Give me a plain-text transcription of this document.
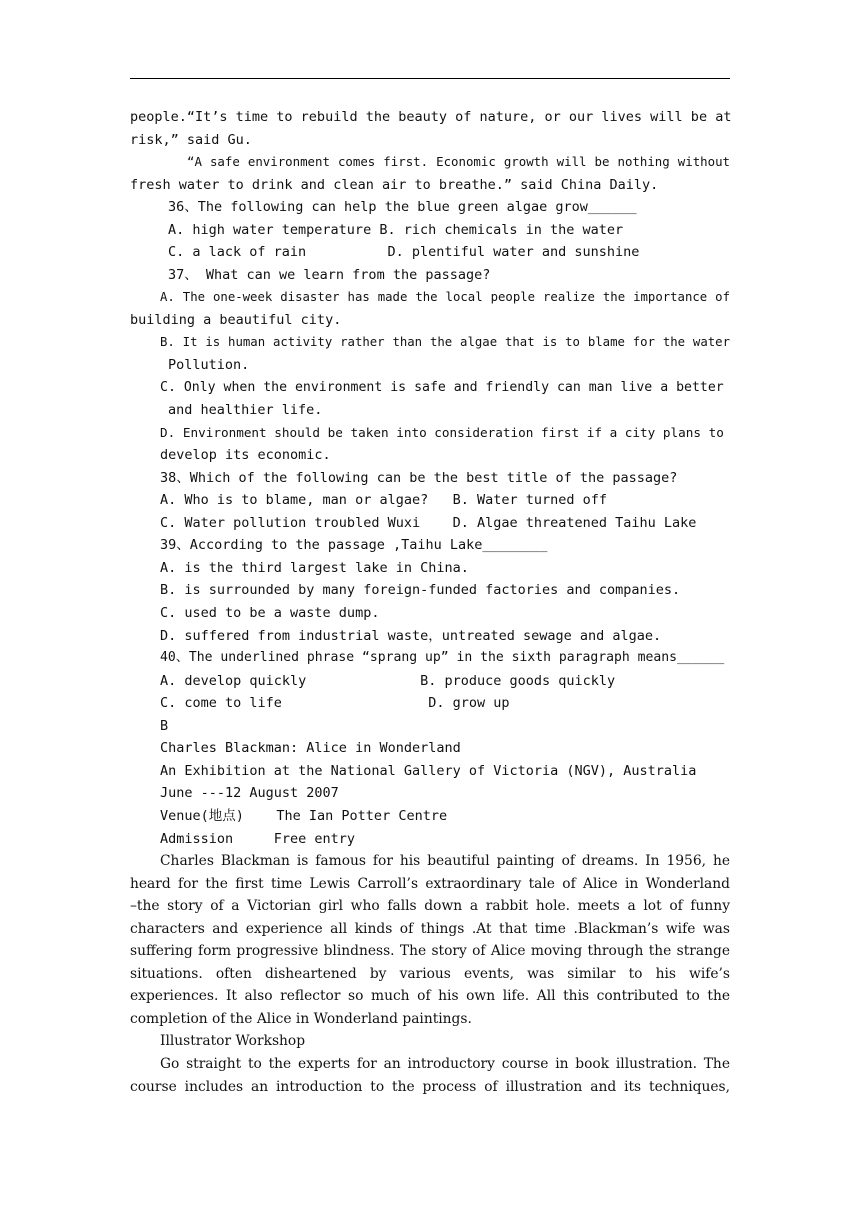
people.“It’s time to rebuild the beauty of nature, or our lives will be at
risk,” said Gu.
“A safe environment comes first. Economic growth will be nothing without
fresh water to drink and clean air to breathe.” said China Daily.
36、The following can help the blue green algae grow______
A. high water temperature B. rich chemicals in the water
C. a lack of rain          D. plentiful water and sunshine
37、 What can we learn from the passage?
A. The one-week disaster has made the local people realize the importance of
building a beautiful city.
B. It is human activity rather than the algae that is to blame for the water
Pollution.
C. Only when the environment is safe and friendly can man live a better
and healthier life.
D. Environment should be taken into consideration first if a city plans to
develop its economic.
38、Which of the following can be the best title of the passage?
A. Who is to blame, man or algae?   B. Water turned off
C. Water pollution troubled Wuxi    D. Algae threatened Taihu Lake
39、According to the passage ,Taihu Lake________
A. is the third largest lake in China.
B. is surrounded by many foreign-funded factories and companies.
C. used to be a waste dump.
D. suffered from industrial waste，untreated sewage and algae.
40、The underlined phrase “sprang up” in the sixth paragraph means______
A. develop quickly              B. produce goods quickly
C. come to life                  D. grow up
B
Charles Blackman: Alice in Wonderland
An Exhibition at the National Gallery of Victoria (NGV), Australia
June ---12 August 2007
Venue(地点)    The Ian Potter Centre
Admission     Free entry
Charles Blackman is famous for his beautiful painting of dreams. In 1956, he
heard for the first time Lewis Carroll’s extraordinary tale of Alice in Wonderland
–the story of a Victorian girl who falls down a rabbit hole. meets a lot of funny
characters and experience all kinds of things .At that time .Blackman’s wife was
suffering form progressive blindness. The story of Alice moving through the strange
situations. often disheartened by various events, was similar to his wife’s
experiences. It also reflector so much of his own life. All this contributed to the
completion of the Alice in Wonderland paintings.
Illustrator Workshop
Go straight to the experts for an introductory course in book illustration. The
course includes an introduction to the process of illustration and its techniques,
